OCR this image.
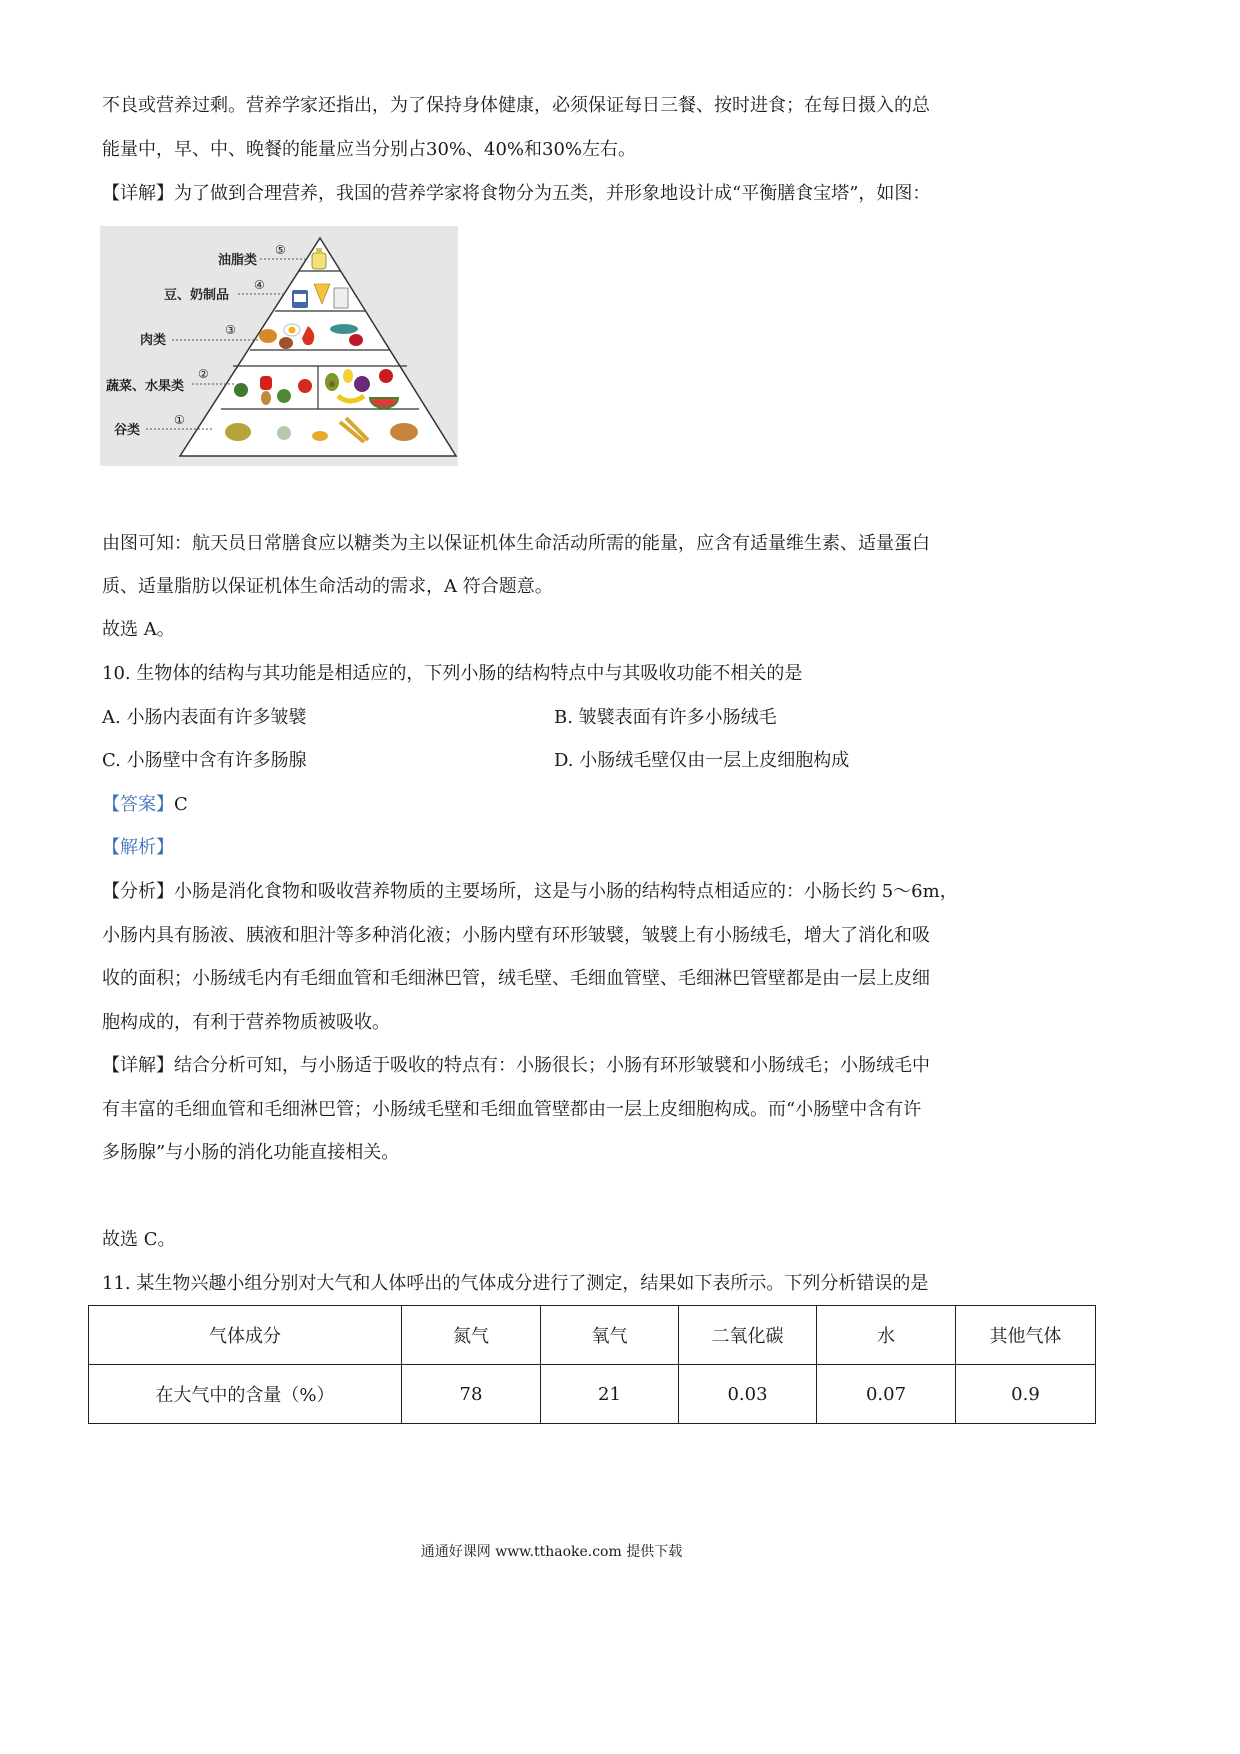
不良或营养过剩。营养学家还指出，为了保持身体健康，必须保证每日三餐、按时进食；在每日摄入的总
能量中，早、中、晚餐的能量应当分别占30%、40%和30%左右。
【详解】为了做到合理营养，我国的营养学家将食物分为五类，并形象地设计成“平衡膳食宝塔”，如图：
油脂类
⑤
豆、奶制品
④
肉类
③
蔬菜、水果类
②
谷类
①
由图可知：航天员日常膳食应以糖类为主以保证机体生命活动所需的能量，应含有适量维生素、适量蛋白
质、适量脂肪以保证机体生命活动的需求，A 符合题意。
故选 A。
10. 生物体的结构与其功能是相适应的，下列小肠的结构特点中与其吸收功能不相关的是
A. 小肠内表面有许多皱襞	B. 皱襞表面有许多小肠绒毛
C. 小肠壁中含有许多肠腺	D. 小肠绒毛壁仅由一层上皮细胞构成
【答案】C
【解析】
【分析】小肠是消化食物和吸收营养物质的主要场所，这是与小肠的结构特点相适应的：小肠长约 5～6m，
小肠内具有肠液、胰液和胆汁等多种消化液；小肠内壁有环形皱襞，皱襞上有小肠绒毛，增大了消化和吸
收的面积；小肠绒毛内有毛细血管和毛细淋巴管，绒毛壁、毛细血管壁、毛细淋巴管壁都是由一层上皮细
胞构成的，有利于营养物质被吸收。
【详解】结合分析可知，与小肠适于吸收的特点有：小肠很长；小肠有环形皱襞和小肠绒毛；小肠绒毛中
有丰富的毛细血管和毛细淋巴管；小肠绒毛壁和毛细血管壁都由一层上皮细胞构成。而“小肠壁中含有许
多肠腺”与小肠的消化功能直接相关。
故选 C。
11. 某生物兴趣小组分别对大气和人体呼出的气体成分进行了测定，结果如下表所示。下列分析错误的是
气体成分	氮气	氧气	二氧化碳	水	其他气体
在大气中的含量（%）	78	21	0.03	0.07	0.9
通通好课网 www.tthaoke.com 提供下载
